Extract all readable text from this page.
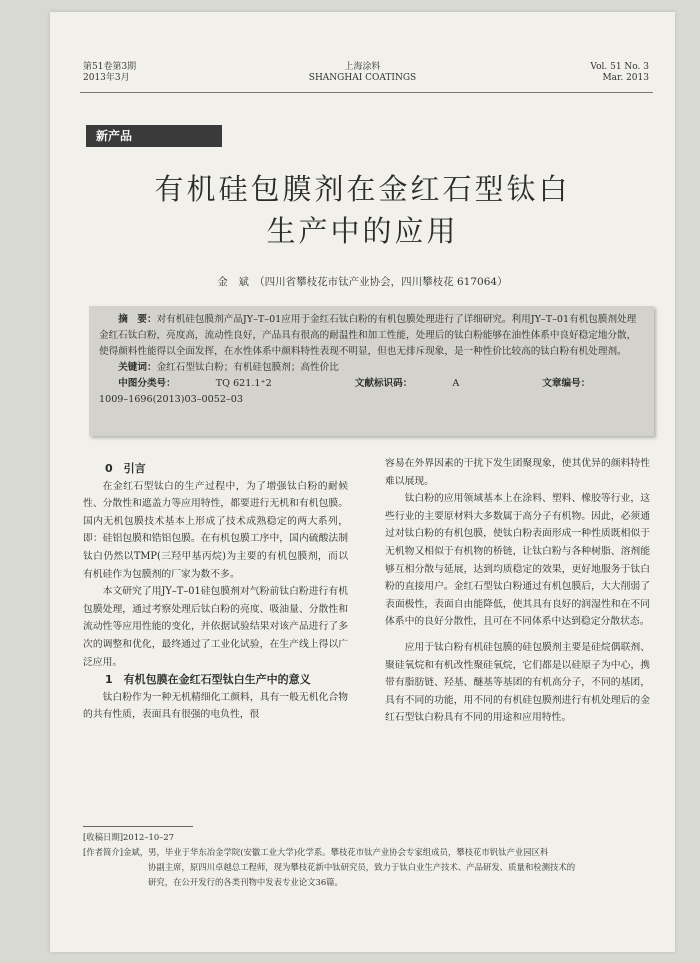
第51卷第3期
2013年3月
上海涂料
SHANGHAI COATINGS
Vol. 51 No. 3
Mar. 2013
新产品
有机硅包膜剂在金红石型钛白
生产中的应用
金　斌　（四川省攀枝花市钛产业协会，四川攀枝花 617064）

摘　要：对有机硅包膜剂产品JY–T–01应用于金红石钛白粉的有机包膜处理进行了详细研究。利用JY–T–01有机包膜剂处理金红石钛白粉，亮度高，流动性良好，产品具有很高的耐温性和加工性能，处理后的钛白粉能够在油性体系中良好稳定地分散，使得颜料性能得以全面发挥，在水性体系中颜料特性表现不明显，但也无排斥现象，是一种性价比较高的钛白粉有机处理剂。

关键词：金红石型钛白粉；有机硅包膜剂；高性价比

中图分类号：	TQ 621.1⁺2	文献标识码：	A	文章编号：1009–1696(2013)03–0052–03

0　引言

在金红石型钛白的生产过程中，为了增强钛白粉的耐候性、分散性和遮盖力等应用特性，都要进行无机和有机包膜。国内无机包膜技术基本上形成了技术成熟稳定的两大系列，即：硅铝包膜和锆铝包膜。在有机包膜工序中，国内硫酸法制钛白仍然以TMP(三羟甲基丙烷)为主要的有机包膜剂，而以有机硅作为包膜剂的厂家为数不多。

本文研究了用JY–T–01硅包膜剂对气粉前钛白粉进行有机包膜处理，通过考察处理后钛白粉的亮度、吸油量、分散性和流动性等应用性能的变化，并依据试验结果对该产品进行了多次的调整和优化，最终通过了工业化试验，在生产线上得以广泛应用。

1　有机包膜在金红石型钛白生产中的意义

钛白粉作为一种无机精细化工颜料，具有一般无机化合物的共有性质，表面具有很强的电负性，很

容易在外界因素的干扰下发生团聚现象，使其优异的颜料特性难以展现。

钛白粉的应用领域基本上在涂料、塑料、橡胶等行业，这些行业的主要原材料大多数属于高分子有机物。因此，必须通过对钛白粉的有机包膜，使钛白粉表面形成一种性质既相似于无机物又相似于有机物的桥链，让钛白粉与各种树脂、溶剂能够互相分散与延展，达到均质稳定的效果，更好地服务于钛白粉的直接用户。金红石型钛白粉通过有机包膜后，大大削弱了表面极性，表面自由能降低，使其具有良好的润湿性和在不同体系中的良好分散性，且可在不同体系中达到稳定分散状态。

应用于钛白粉有机硅包膜的硅包膜剂主要是硅烷偶联剂、聚硅氧烷和有机改性聚硅氧烷，它们都是以硅原子为中心，携带有脂肪链、羟基、醚基等基团的有机高分子，不同的基团，具有不同的功能，用不同的有机硅包膜剂进行有机处理后的金红石型钛白粉具有不同的用途和应用特性。

[收稿日期]2012–10–27

[作者简介]金斌，男，毕业于华东冶金学院(安徽工业大学)化学系。攀枝花市钛产业协会专家组成员，攀枝花市钒钛产业园区科

协副主席，原四川卓越总工程师，现为攀枝花新中钛研究员，致力于钛白业生产技术、产品研发、质量和检测技术的

研究，在公开发行的各类刊物中发表专业论文36篇。
